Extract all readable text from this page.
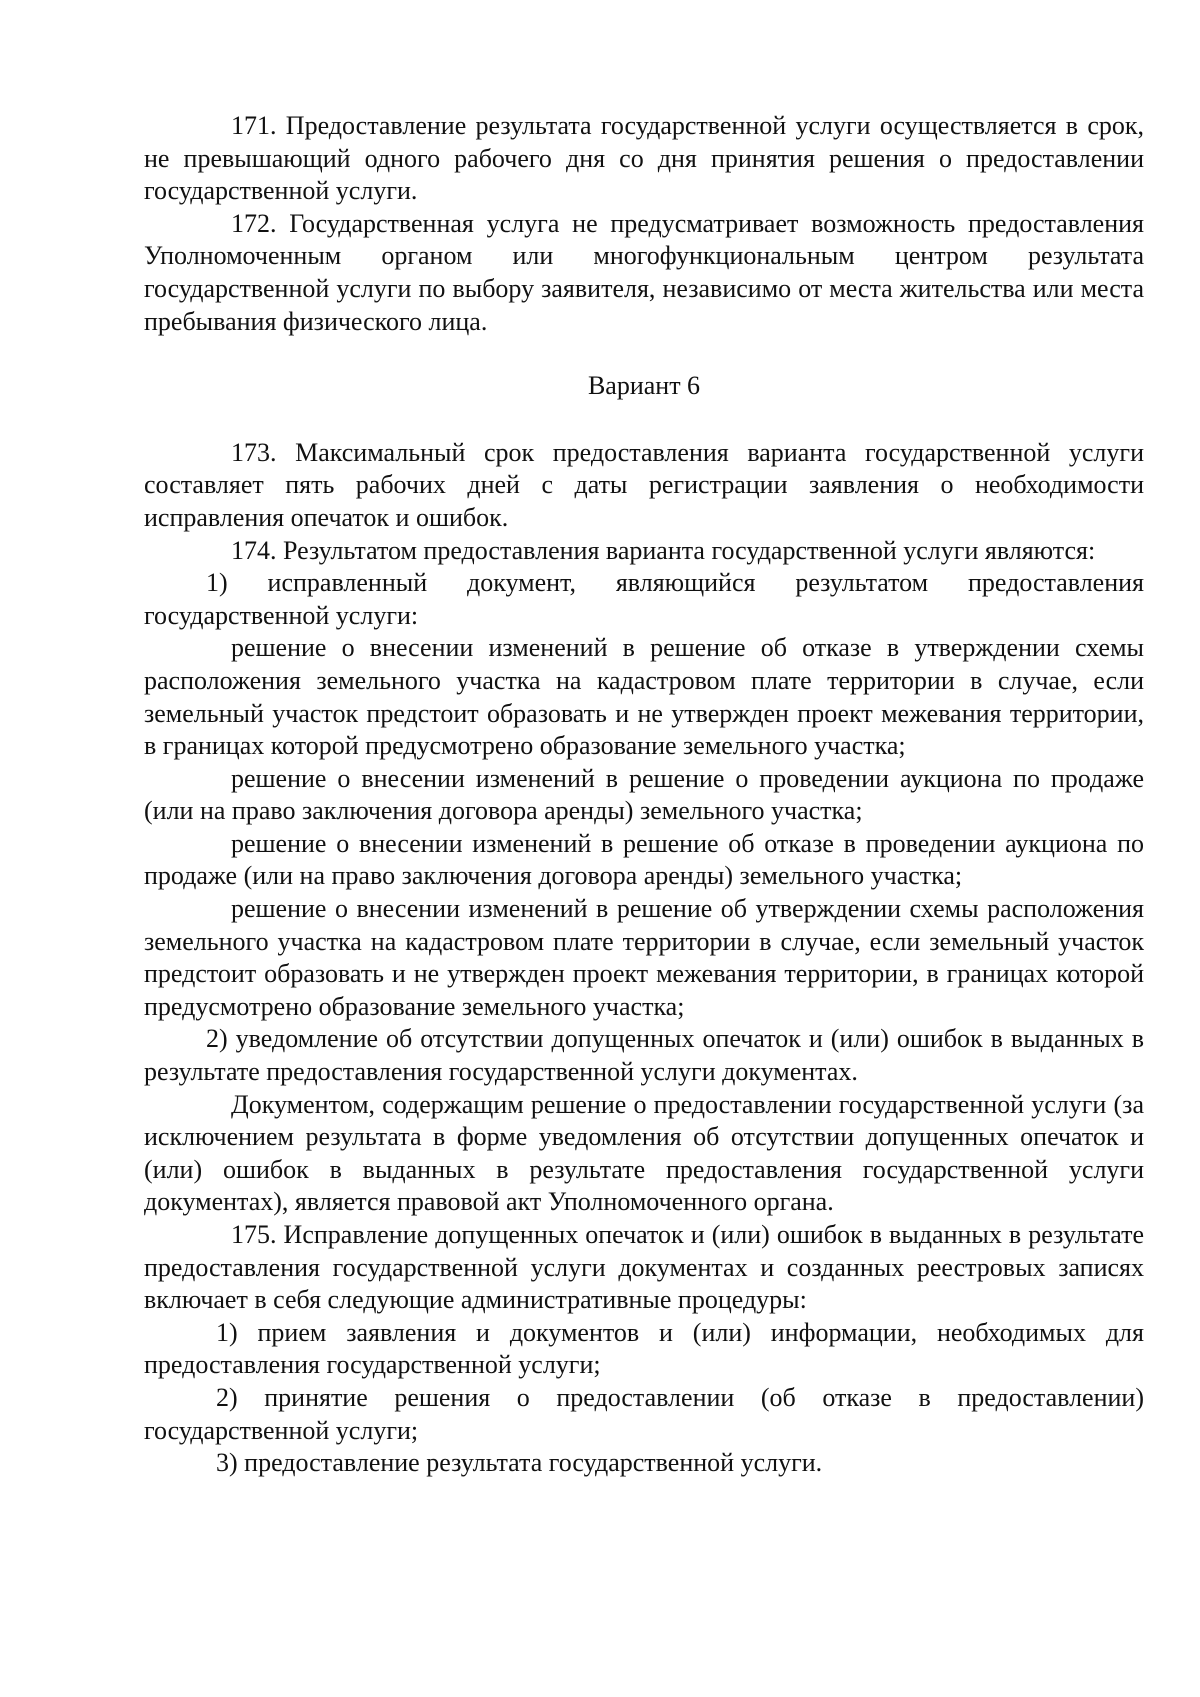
171. Предоставление результата государственной услуги осуществляется в срок, не превышающий одного рабочего дня со дня принятия решения о предоставлении государственной услуги.

172. Государственная услуга не предусматривает возможность предоставления Уполномоченным органом или многофункциональным центром результата государственной услуги по выбору заявителя, независимо от места жительства или места пребывания физического лица.

Вариант 6

173. Максимальный срок предоставления варианта государственной услуги составляет пять рабочих дней с даты регистрации заявления о необходимости исправления опечаток и ошибок.

174. Результатом предоставления варианта государственной услуги являются:

1) исправленный документ, являющийся результатом предоставления государственной услуги:

решение о внесении изменений в решение об отказе в утверждении схемы расположения земельного участка на кадастровом плате территории в случае, если земельный участок предстоит образовать и не утвержден проект межевания территории, в границах которой предусмотрено образование земельного участка;

решение о внесении изменений в решение о проведении аукциона по продаже (или на право заключения договора аренды) земельного участка;

решение о внесении изменений в решение об отказе в проведении аукциона по продаже (или на право заключения договора аренды) земельного участка;

решение о внесении изменений в решение об утверждении схемы расположения земельного участка на кадастровом плате территории в случае, если земельный участок предстоит образовать и не утвержден проект межевания территории, в границах которой предусмотрено образование земельного участка;

2) уведомление об отсутствии допущенных опечаток и (или) ошибок в выданных в результате предоставления государственной услуги документах.

Документом, содержащим решение о предоставлении государственной услуги (за исключением результата в форме уведомления об отсутствии допущенных опечаток и (или) ошибок в выданных в результате предоставления государственной услуги документах), является правовой акт Уполномоченного органа.

175. Исправление допущенных опечаток и (или) ошибок в выданных в результате предоставления государственной услуги документах и созданных реестровых записях включает в себя следующие административные процедуры:

1) прием заявления и документов и (или) информации, необходимых для предоставления государственной услуги;

2) принятие решения о предоставлении (об отказе в предоставлении) государственной услуги;

3) предоставление результата государственной услуги.
